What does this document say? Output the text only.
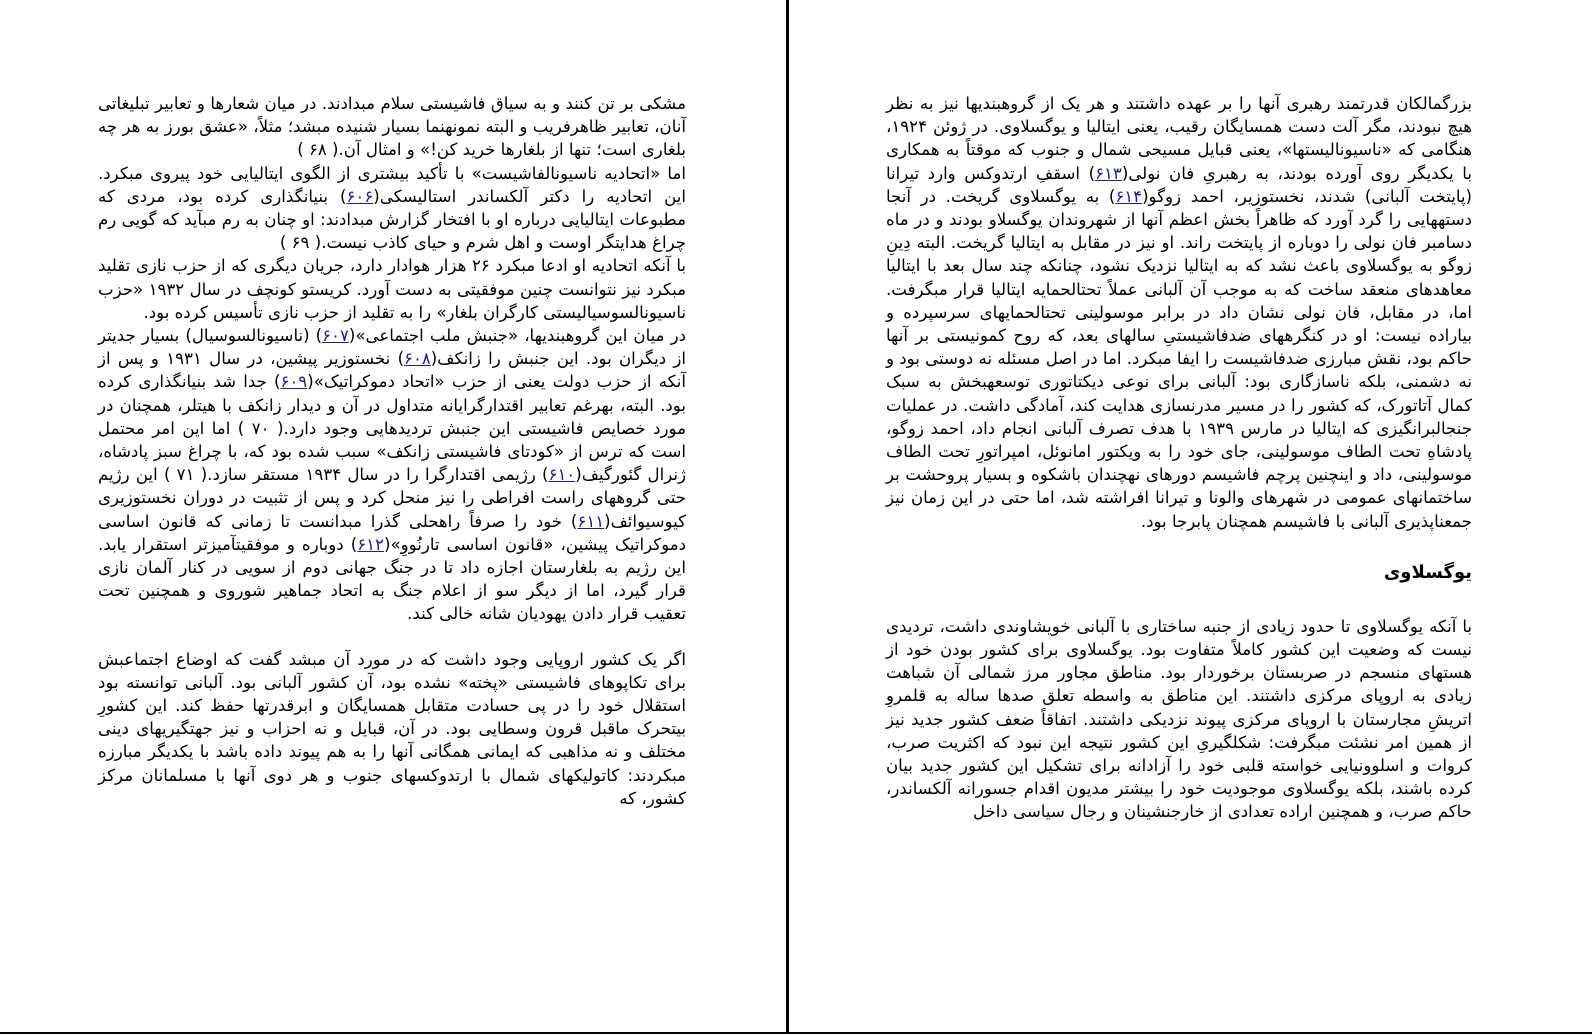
مشکی بر تن کنند و به سیاق فاشیستی سلام مبدادند. در میان شعارها و تعابیر تبلیغاتی آنان، تعابیر ظاهرفریب و البته نمونهنما بسیار شنیده مبشد؛ مثلاً، «عشق بورز به هر چه بلغاری است؛ تنها از بلغارها خرید کن!» و امثال آن.( ۶۸ )

اما «اتحادیه ناسیونالفاشیست» با تأکید بیشتری از الگوی ایتالیایی خود پیروی مبکرد. این اتحادیه را دکتر آلکساندر استالیسکی(۶۰۶) بنیانگذاری کرده بود، مردی که مطبوعات ایتالیایی درباره او با افتخار گزارش مبدادند: او چنان به رم مبآید که گویی رم چراغ هدایتگر اوست و اهل شرم و حیای کاذب نیست.( ۶۹ )

با آنکه اتحادیه او ادعا مبکرد ۲۶ هزار هوادار دارد، جریان دیگری که از حزب نازی تقلید مبکرد نیز نتوانست چنین موفقیتی به دست آورد. کریستو کونچف در سال ۱۹۳۲ «حزب ناسیونالسوسیالیستی کارگران بلغار» را به تقلید از حزب نازی تأسیس کرده بود.

در میان این گروهبندیها، «جنبش ملب اجتماعی»(۶۰۷) (ناسیونالسوسیال) بسیار جدیتر از دیگران بود. این جنبش را زانکف(۶۰۸) نخستوزیر پیشین، در سال ۱۹۳۱ و پس از آنکه از حزب دولت یعنی از حزب «اتحاد دموکراتیک»(۶۰۹) جدا شد بنیانگذاری کرده بود. البته، بهرغم تعابیر اقتدارگرایانه متداول در آن و دیدار زانکف با هیتلر، همچنان در مورد خصایص فاشیستی این جنبش تردیدهایی وجود دارد.( ۷۰ ) اما این امر محتمل است که ترس از «کودتای فاشیستی زانکف» سبب شده بود که، با چراغ سبز پادشاه، ژنرال گئورگیف(۶۱۰) رژیمی اقتدارگرا را در سال ۱۹۳۴ مستقر سازد.( ۷۱ ) این رژیم حتی گروههای راست افراطی را نیز منحل کرد و پس از تثبیت در دوران نخستوزیری کیوسیوائف(۶۱۱) خود را صرفاً راهحلی گذرا مبدانست تا زمانی که قانون اساسی دموکراتیک پیشین، «قانون اساسی تارنُووِ»(۶۱۲) دوباره و موفقیتآمیزتر استقرار یابد. این رژیم به بلغارستان اجازه داد تا در جنگ جهانی دوم از سویی در کنار آلمان نازی قرار گیرد، اما از دیگر سو از اعلام جنگ به اتحاد جماهیر شوروی و همچنین تحت تعقیب قرار دادن یهودیان شانه خالی کند.

اگر یک کشور اروپایی وجود داشت که در مورد آن مبشد گفت که اوضاع اجتماعبش برای تکاپوهای فاشیستی «پخته» نشده بود، آن کشور آلبانی بود. آلبانی توانسته بود استقلال خود را در پی حسادت متقابل همسایگان و ابرقدرتها حفظ کند. این کشورِ بیتحرک ماقبل قرون وسطایی بود. در آن، قبایل و نه احزاب و نیز جهتگیریهای دینی مختلف و نه مذاهبی که ایمانی همگانی آنها را به هم پیوند داده باشد با یکدیگر مبارزه مبکردند: کاتولیکهای شمال با ارتدوکسهای جنوب و هر دوی آنها با مسلمانان مرکز کشور، که

بزرگمالکان قدرتمند رهبری آنها را بر عهده داشتند و هر یک از گروهبندیها نیز به نظر هیچ نبودند، مگر آلت دست همسایگان رقیب، یعنی ایتالیا و یوگسلاوی. در ژوئن ۱۹۲۴، هنگامی که «ناسیونالیستها»، یعنی قبایل مسیحی شمال و جنوب که موقتاً به همکاری با یکدیگر روی آورده بودند، به رهبریِ فان نولی(۶۱۳) اسقفِ ارتدوکس وارد تیرانا (پایتخت آلبانی) شدند، نخستوزیر، احمد زوگو(۶۱۴) به یوگسلاوی گریخت. در آنجا دستههایی را گرد آورد که ظاهراً بخش اعظم آنها از شهروندان یوگسلاو بودند و در ماه دسامبر فان نولی را دوباره از پایتخت راند. او نیز در مقابل به ایتالیا گریخت. البته دِینِ زوگو به یوگسلاوی باعث نشد که به ایتالیا نزدیک نشود، چنانکه چند سال بعد با ایتالیا معاهدهای منعقد ساخت که به موجب آن آلبانی عملاً تحتالحمایه ایتالیا قرار مبگرفت. اما، در مقابل، فان نولی نشان داد در برابر موسولینی تحتالحمایهای سرسپرده و بیاراده نیست: او در کنگرههای ضدفاشیستیِ سالهای بعد، که روح کمونیستی بر آنها حاکم بود، نقش مبارزی ضدفاشیست را ایفا مبکرد. اما در اصل مسئله نه دوستی بود و نه دشمنی، بلکه ناسازگاری بود: آلبانی برای نوعی دیکتاتوری توسعهبخش به سبک کمال آتاتورک، که کشور را در مسیر مدرنسازی هدایت کند، آمادگی داشت. در عملیات جنجالبرانگیزی که ایتالیا در مارس ۱۹۳۹ با هدف تصرف آلبانی انجام داد، احمد زوگو، پادشاهِ تحت الطاف موسولینی، جای خود را به ویکتور امانوئل، امپراتورِ تحت الطاف موسولینی، داد و اینچنین پرچم فاشیسم دورهای نهچندان باشکوه و بسیار پروحشت بر ساختمانهای عمومی در شهرهای والونا و تیرانا افراشته شد، اما حتی در این زمان نیز جمعناپذیری آلبانی با فاشیسم همچنان پابرجا بود.

یوگسلاوی

با آنکه یوگسلاوی تا حدود زیادی از جنبه ساختاری با آلبانی خویشاوندی داشت، تردیدی نیست که وضعیت این کشور کاملاً متفاوت بود. یوگسلاوی برای کشور بودن خود از هستهای منسجم در صربستان برخوردار بود. مناطق مجاور مرز شمالی آن شباهت زیادی به اروپای مرکزی داشتند. این مناطق به واسطه تعلق صدها ساله به قلمروِ اتریشِ مجارستان با اروپای مرکزی پیوند نزدیکی داشتند. اتفاقاً ضعف کشور جدید نیز از همین امر نشئت مبگرفت: شکلگیریِ این کشور نتیجه این نبود که اکثریت صرب، کروات و اسلوونیایی خواسته قلبی خود را آزادانه برای تشکیل این کشور جدید بیان کرده باشند، بلکه یوگسلاوی موجودیت خود را بیشتر مدیون اقدام جسورانه آلکساندر، حاکم صرب، و همچنین اراده تعدادی از خارجنشینان و رجال سیاسی داخل
